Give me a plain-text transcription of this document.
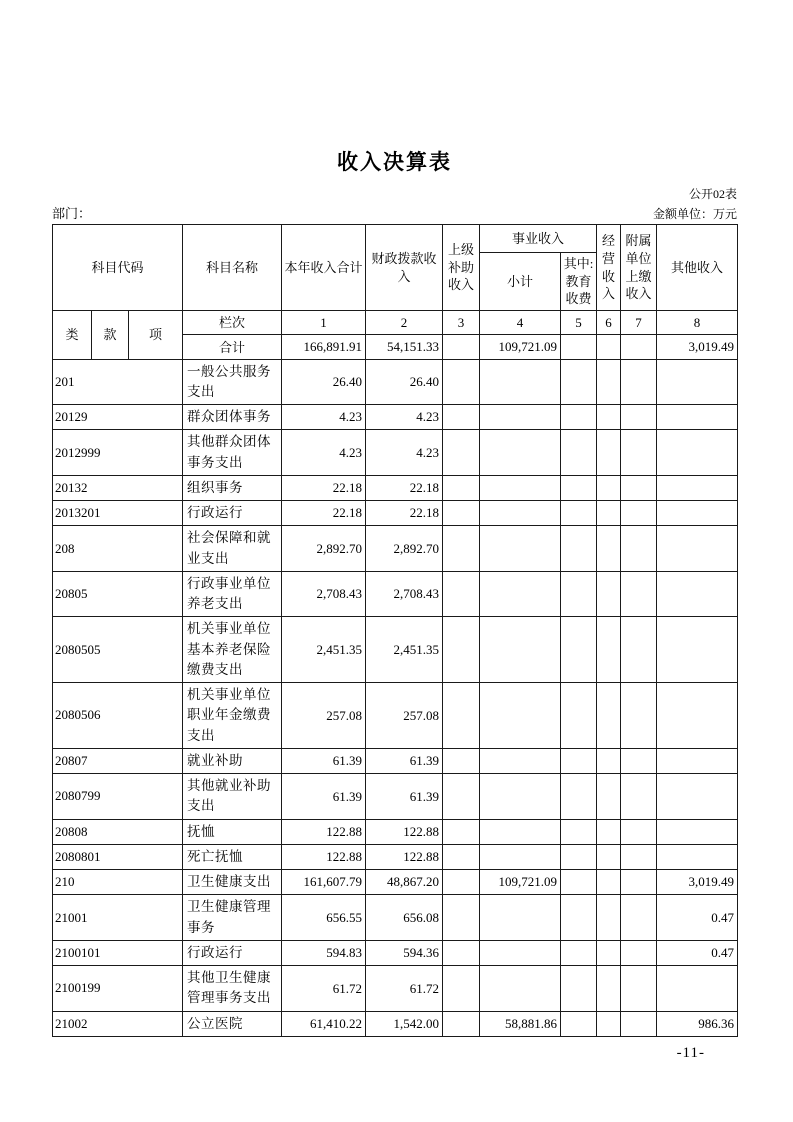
收入决算表
公开02表
部门：	金额单位：万元
科目代码			科目名称	本年收入合计	财政拨款收入	上级补助收入	事业收入		经营收入	附属单位上缴收入	其他收入
							小计	其中:
教育
收费			
类	款	项	栏次	1	2	3	4	5	6	7	8
			合计	166,891.91	54,151.33		109,721.09				3,019.49
201			一般公共服务支出	26.40	26.40						
20129			群众团体事务	4.23	4.23						
2012999			其他群众团体事务支出	4.23	4.23						
20132			组织事务	22.18	22.18						
2013201			行政运行	22.18	22.18						
208			社会保障和就业支出	2,892.70	2,892.70						
20805			行政事业单位养老支出	2,708.43	2,708.43						
2080505			机关事业单位基本养老保险缴费支出	2,451.35	2,451.35						
2080506			机关事业单位职业年金缴费支出	257.08	257.08						
20807			就业补助	61.39	61.39						
2080799			其他就业补助支出	61.39	61.39						
20808			抚恤	122.88	122.88						
2080801			死亡抚恤	122.88	122.88						
210			卫生健康支出	161,607.79	48,867.20		109,721.09				3,019.49
21001			卫生健康管理事务	656.55	656.08						0.47
2100101			行政运行	594.83	594.36						0.47
2100199			其他卫生健康管理事务支出	61.72	61.72						
21002			公立医院	61,410.22	1,542.00		58,881.86				986.36
-11-
